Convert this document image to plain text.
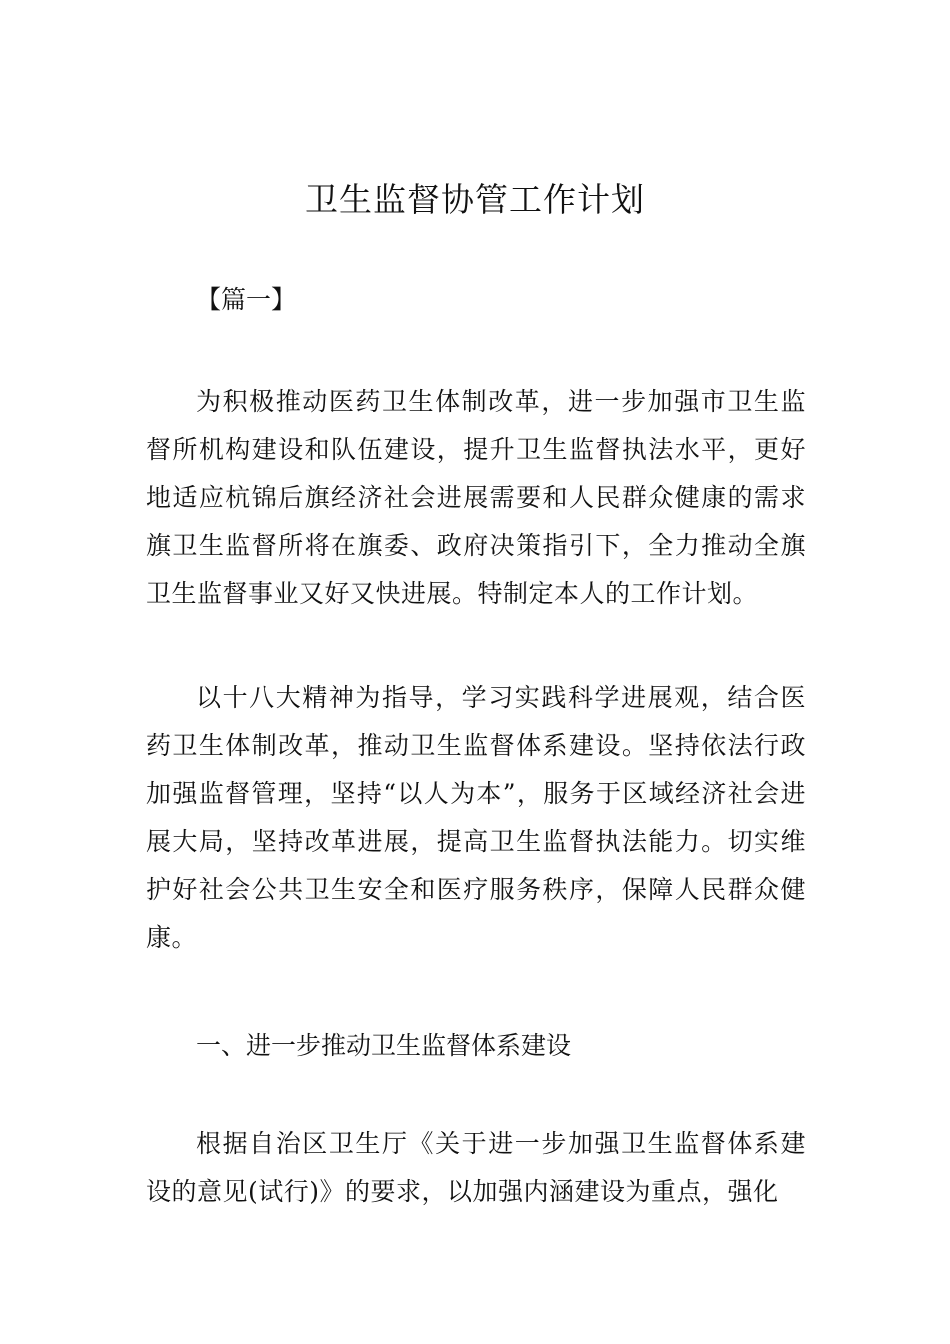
卫生监督协管工作计划
【篇一】

为积极推动医药卫生体制改革，进一步加强市卫生监督所机构建设和队伍建设，提升卫生监督执法水平，更好地适应杭锦后旗经济社会进展需要和人民群众健康的需求旗卫生监督所将在旗委、政府决策指引下，全力推动全旗卫生监督事业又好又快进展。特制定本人的工作计划。

以十八大精神为指导，学习实践科学进展观，结合医药卫生体制改革，推动卫生监督体系建设。坚持依法行政加强监督管理，坚持“以人为本”，服务于区域经济社会进展大局，坚持改革进展，提高卫生监督执法能力。切实维护好社会公共卫生安全和医疗服务秩序，保障人民群众健康。

一、进一步推动卫生监督体系建设

根据自治区卫生厅《关于进一步加强卫生监督体系建设的意见(试行)》的要求，以加强内涵建设为重点，强化
